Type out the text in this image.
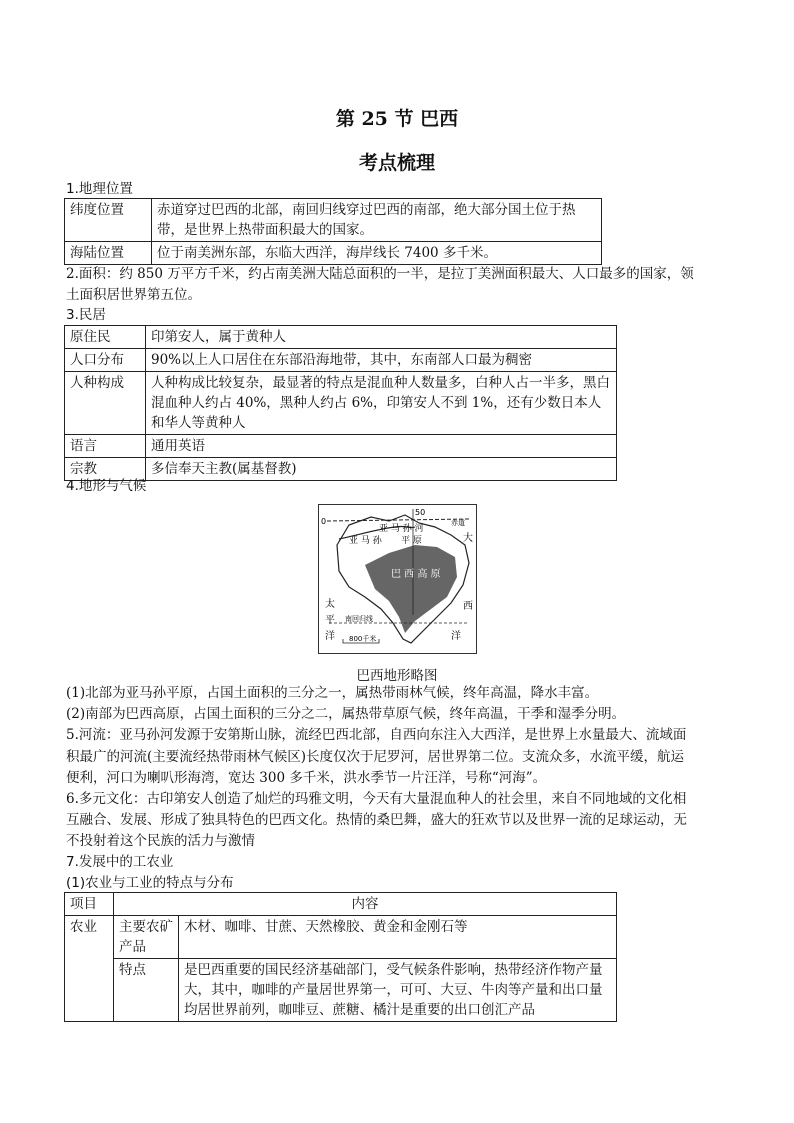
第 25 节 巴西
考点梳理
1.地理位置
纬度位置	赤道穿过巴西的北部，南回归线穿过巴西的南部，绝大部分国土位于热带，是世界上热带面积最大的国家。
海陆位置	位于南美洲东部，东临大西洋，海岸线长 7400 多千米。
2.面积：约 850 万平方千米，约占南美洲大陆总面积的一半，是拉丁美洲面积最大、人口最多的国家，领
土面积居世界第五位。
3.民居
原住民	印第安人，属于黄种人
人口分布	90%以上人口居住在东部沿海地带，其中，东南部人口最为稠密
人种构成	人种构成比较复杂，最显著的特点是混血种人数量多，白种人占一半多，黑白混血种人约占 40%，黑种人约占 6%，印第安人不到 1%，还有少数日本人和华人等黄种人
语言	通用英语
宗教	多信奉天主教(属基督教)
4.地形与气候
50
0	赤道
亚 马 孙
亚 马 孙 河
平 原
巴 西 高 原
大
西
洋
太
平
洋
南回归线
800千米
巴西地形略图
(1)北部为亚马孙平原，占国土面积的三分之一，属热带雨林气候，终年高温，降水丰富。
(2)南部为巴西高原，占国土面积的三分之二，属热带草原气候，终年高温，干季和湿季分明。
5.河流：亚马孙河发源于安第斯山脉，流经巴西北部，自西向东注入大西洋，是世界上水量最大、流域面
积最广的河流(主要流经热带雨林气候区)长度仅次于尼罗河，居世界第二位。支流众多，水流平缓，航运
便利，河口为喇叭形海湾，宽达 300 多千米，洪水季节一片汪洋，号称“河海”。
6.多元文化：古印第安人创造了灿烂的玛雅文明，今天有大量混血种人的社会里，来自不同地域的文化相
互融合、发展、形成了独具特色的巴西文化。热情的桑巴舞，盛大的狂欢节以及世界一流的足球运动，无
不投射着这个民族的活力与激情
7.发展中的工农业
(1)农业与工业的特点与分布
项目	内容	
农业	主要农矿产品	木材、咖啡、甘蔗、天然橡胶、黄金和金刚石等
	特点	是巴西重要的国民经济基础部门，受气候条件影响，热带经济作物产量大，其中，咖啡的产量居世界第一，可可、大豆、牛肉等产量和出口量均居世界前列，咖啡豆、蔗糖、橘汁是重要的出口创汇产品
